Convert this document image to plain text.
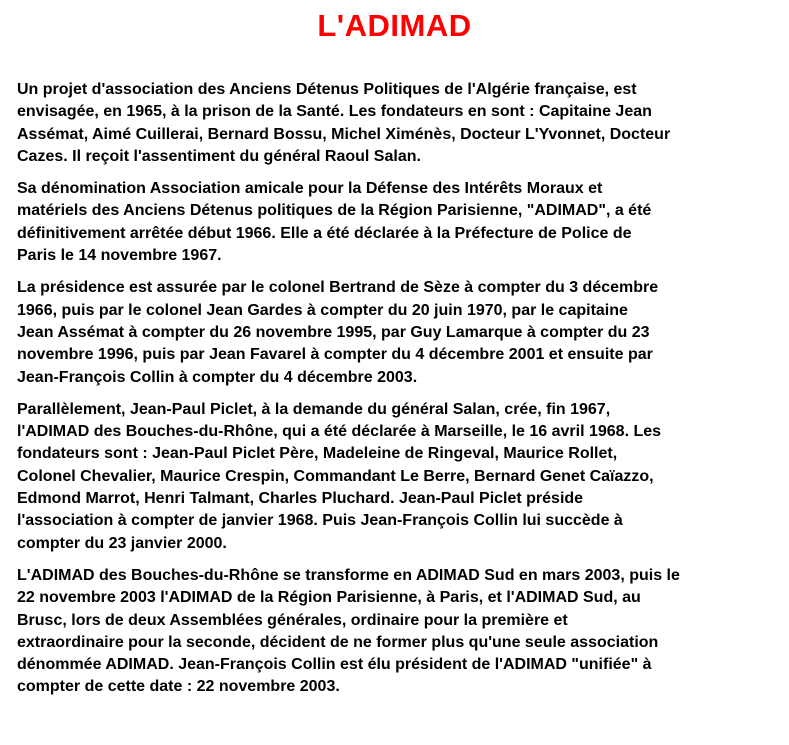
L'ADIMAD

Un projet d'association des Anciens Détenus Politiques de l'Algérie française, est
envisagée, en 1965, à la prison de la Santé. Les fondateurs en sont : Capitaine Jean
Assémat, Aimé Cuillerai, Bernard Bossu, Michel Ximénès, Docteur L'Yvonnet, Docteur
Cazes. Il reçoit l'assentiment du général Raoul Salan.

Sa dénomination Association amicale pour la Défense des Intérêts Moraux et
matériels des Anciens Détenus politiques de la Région Parisienne, "ADIMAD", a été
définitivement arrêtée début 1966. Elle a été déclarée à la Préfecture de Police de
Paris le 14 novembre 1967.

La présidence est assurée par le colonel Bertrand de Sèze à compter du 3 décembre
1966, puis par le colonel Jean Gardes à compter du 20 juin 1970, par le capitaine
Jean Assémat à compter du 26 novembre 1995, par Guy Lamarque à compter du 23
novembre 1996, puis par Jean Favarel à compter du 4 décembre 2001 et ensuite par
Jean-François Collin à compter du 4 décembre 2003.

Parallèlement, Jean-Paul Piclet, à la demande du général Salan, crée, fin 1967,
l'ADIMAD des Bouches-du-Rhône, qui a été déclarée à Marseille, le 16 avril 1968. Les
fondateurs sont : Jean-Paul Piclet Père, Madeleine de Ringeval, Maurice Rollet,
Colonel Chevalier, Maurice Crespin, Commandant Le Berre, Bernard Genet Caïazzo,
Edmond Marrot, Henri Talmant, Charles Pluchard. Jean-Paul Piclet préside
l'association à compter de janvier 1968. Puis Jean-François Collin lui succède à
compter du 23 janvier 2000.

L'ADIMAD des Bouches-du-Rhône se transforme en ADIMAD Sud en mars 2003, puis le
22 novembre 2003 l'ADIMAD de la Région Parisienne, à Paris, et l'ADIMAD Sud, au
Brusc, lors de deux Assemblées générales, ordinaire pour la première et
extraordinaire pour la seconde, décident de ne former plus qu'une seule association
dénommée ADIMAD. Jean-François Collin est élu président de l'ADIMAD "unifiée" à
compter de cette date : 22 novembre 2003.
